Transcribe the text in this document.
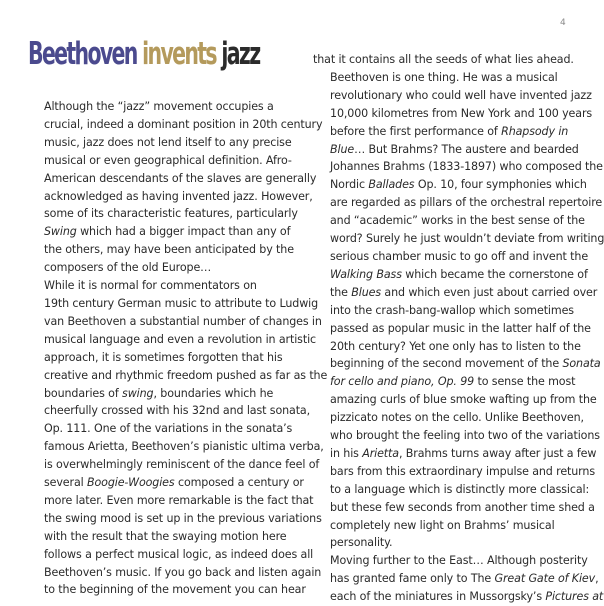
4
Beethoven invents jazz

Although the “jazz” movement occupies a
crucial, indeed a dominant position in 20th century
music, jazz does not lend itself to any precise
musical or even geographical definition. Afro-
American descendants of the slaves are generally
acknowledged as having invented jazz. However,
some of its characteristic features, particularly
Swing which had a bigger impact than any of
the others, may have been anticipated by the
composers of the old Europe…

While it is normal for commentators on
19th century German music to attribute to Ludwig
van Beethoven a substantial number of changes in
musical language and even a revolution in artistic
approach, it is sometimes forgotten that his
creative and rhythmic freedom pushed as far as the
boundaries of swing, boundaries which he
cheerfully crossed with his 32nd and last sonata,
Op. 111. One of the variations in the sonata’s
famous Arietta, Beethoven’s pianistic ultima verba,
is overwhelmingly reminiscent of the dance feel of
several Boogie-Woogies composed a century or
more later. Even more remarkable is the fact that
the swing mood is set up in the previous variations
with the result that the swaying motion here
follows a perfect musical logic, as indeed does all
Beethoven’s music. If you go back and listen again
to the beginning of the movement you can hear

that it contains all the seeds of what lies ahead.

Beethoven is one thing. He was a musical
revolutionary who could well have invented jazz
10,000 kilometres from New York and 100 years
before the first performance of Rhapsody in
Blue… But Brahms? The austere and bearded
Johannes Brahms (1833-1897) who composed the
Nordic Ballades Op. 10, four symphonies which
are regarded as pillars of the orchestral repertoire
and “academic” works in the best sense of the
word? Surely he just wouldn’t deviate from writing
serious chamber music to go off and invent the
Walking Bass which became the cornerstone of
the Blues and which even just about carried over
into the crash-bang-wallop which sometimes
passed as popular music in the latter half of the
20th century? Yet one only has to listen to the
beginning of the second movement of the Sonata
for cello and piano, Op. 99 to sense the most
amazing curls of blue smoke wafting up from the
pizzicato notes on the cello. Unlike Beethoven,
who brought the feeling into two of the variations
in his Arietta, Brahms turns away after just a few
bars from this extraordinary impulse and returns
to a language which is distinctly more classical:
but these few seconds from another time shed a
completely new light on Brahms’ musical
personality.

Moving further to the East… Although posterity
has granted fame only to The Great Gate of Kiev,
each of the miniatures in Mussorgsky’s Pictures at
